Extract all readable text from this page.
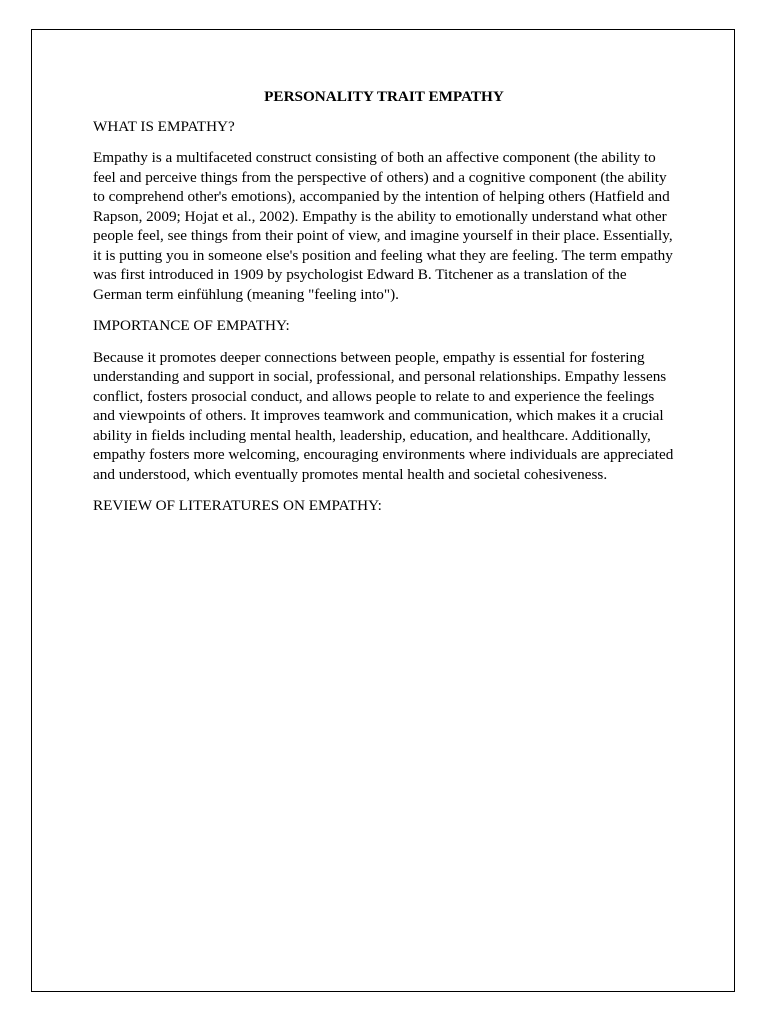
PERSONALITY TRAIT EMPATHY
WHAT IS EMPATHY?
Empathy is a multifaceted construct consisting of both an affective component (the ability to feel and perceive things from the perspective of others) and a cognitive component (the ability to comprehend other's emotions), accompanied by the intention of helping others (Hatfield and Rapson, 2009; Hojat et al., 2002). Empathy is the ability to emotionally understand what other people feel, see things from their point of view, and imagine yourself in their place. Essentially, it is putting you in someone else's position and feeling what they are feeling. The term empathy was first introduced in 1909 by psychologist Edward B. Titchener as a translation of the German term einfühlung (meaning "feeling into").
IMPORTANCE OF EMPATHY:
Because it promotes deeper connections between people, empathy is essential for fostering understanding and support in social, professional, and personal relationships. Empathy lessens conflict, fosters prosocial conduct, and allows people to relate to and experience the feelings and viewpoints of others. It improves teamwork and communication, which makes it a crucial ability in fields including mental health, leadership, education, and healthcare. Additionally, empathy fosters more welcoming, encouraging environments where individuals are appreciated and understood, which eventually promotes mental health and societal cohesiveness.
REVIEW OF LITERATURES ON EMPATHY:
